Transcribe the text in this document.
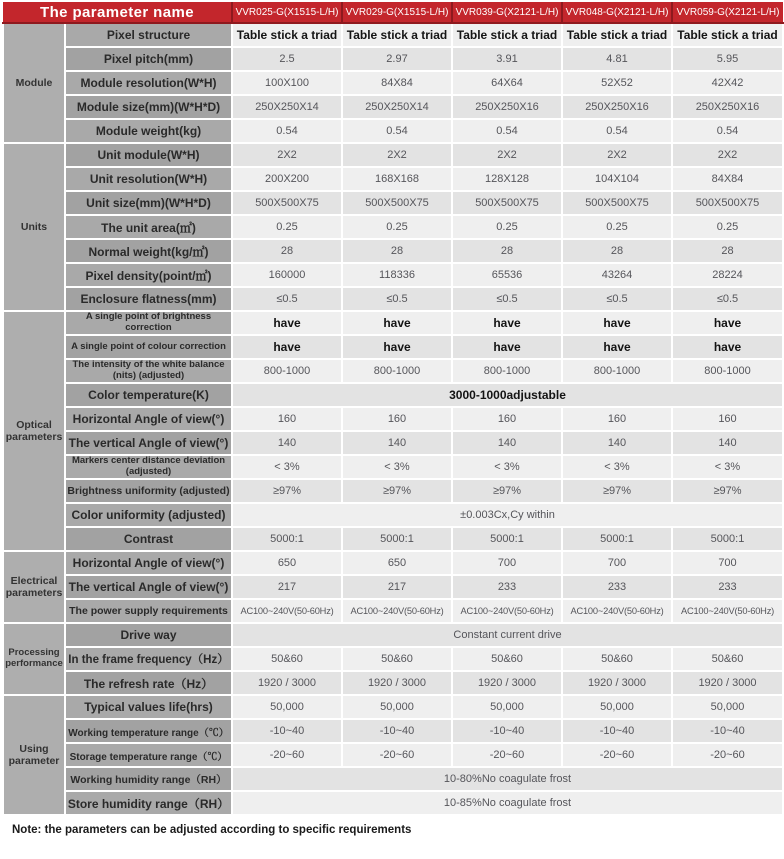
The parameter name		VVR025-G(X1515-L/H)	VVR029-G(X1515-L/H)	VVR039-G(X2121-L/H)	VVR048-G(X2121-L/H)	VVR059-G(X2121-L/H)
Module	Pixel structure	Table stick a triad	Table stick a triad	Table stick a triad	Table stick a triad	Table stick a triad
	Pixel pitch(mm)	2.5	2.97	3.91	4.81	5.95
	Module resolution(W*H)	100X100	84X84	64X64	52X52	42X42
	Module size(mm)(W*H*D)	250X250X14	250X250X14	250X250X16	250X250X16	250X250X16
	Module weight(kg)	0.54	0.54	0.54	0.54	0.54
Units	Unit module(W*H)	2X2	2X2	2X2	2X2	2X2
	Unit resolution(W*H)	200X200	168X168	128X128	104X104	84X84
	Unit size(mm)(W*H*D)	500X500X75	500X500X75	500X500X75	500X500X75	500X500X75
	The unit area(㎡)	0.25	0.25	0.25	0.25	0.25
	Normal weight(kg/㎡)	28	28	28	28	28
	Pixel density(point/㎡)	160000	118336	65536	43264	28224
	Enclosure flatness(mm)	≤0.5	≤0.5	≤0.5	≤0.5	≤0.5
Optical parameters	A single point of brightness correction	have	have	have	have	have
	A single point of colour correction	have	have	have	have	have
	The intensity of the white balance (nits) (adjusted)	800-1000	800-1000	800-1000	800-1000	800-1000
	Color temperature(K)	3000-1000adjustable				
	Horizontal Angle of view(°)	160	160	160	160	160
	The vertical Angle of view(°)	140	140	140	140	140
	Markers center distance deviation (adjusted)	< 3%	< 3%	< 3%	< 3%	< 3%
	Brightness uniformity (adjusted)	≥97%	≥97%	≥97%	≥97%	≥97%
	Color uniformity (adjusted)	±0.003Cx,Cy within				
	Contrast	5000:1	5000:1	5000:1	5000:1	5000:1
Electrical parameters	Horizontal Angle of view(°)	650	650	700	700	700
	The vertical Angle of view(°)	217	217	233	233	233
	The power supply requirements	AC100~240V(50-60Hz)	AC100~240V(50-60Hz)	AC100~240V(50-60Hz)	AC100~240V(50-60Hz)	AC100~240V(50-60Hz)
Processing performance	Drive way	Constant current drive				
	In the frame frequency（Hz）	50&60	50&60	50&60	50&60	50&60
	The refresh rate（Hz）	1920 / 3000	1920 / 3000	1920 / 3000	1920 / 3000	1920 / 3000
Using parameter	Typical values life(hrs)	50,000	50,000	50,000	50,000	50,000
	Working temperature range（℃）	-10~40	-10~40	-10~40	-10~40	-10~40
	Storage temperature range（℃）	-20~60	-20~60	-20~60	-20~60	-20~60
	Working humidity range（RH）	10-80%No coagulate frost				
	Store humidity range（RH）	10-85%No coagulate frost				
Note: the parameters can be adjusted according to specific requirements
